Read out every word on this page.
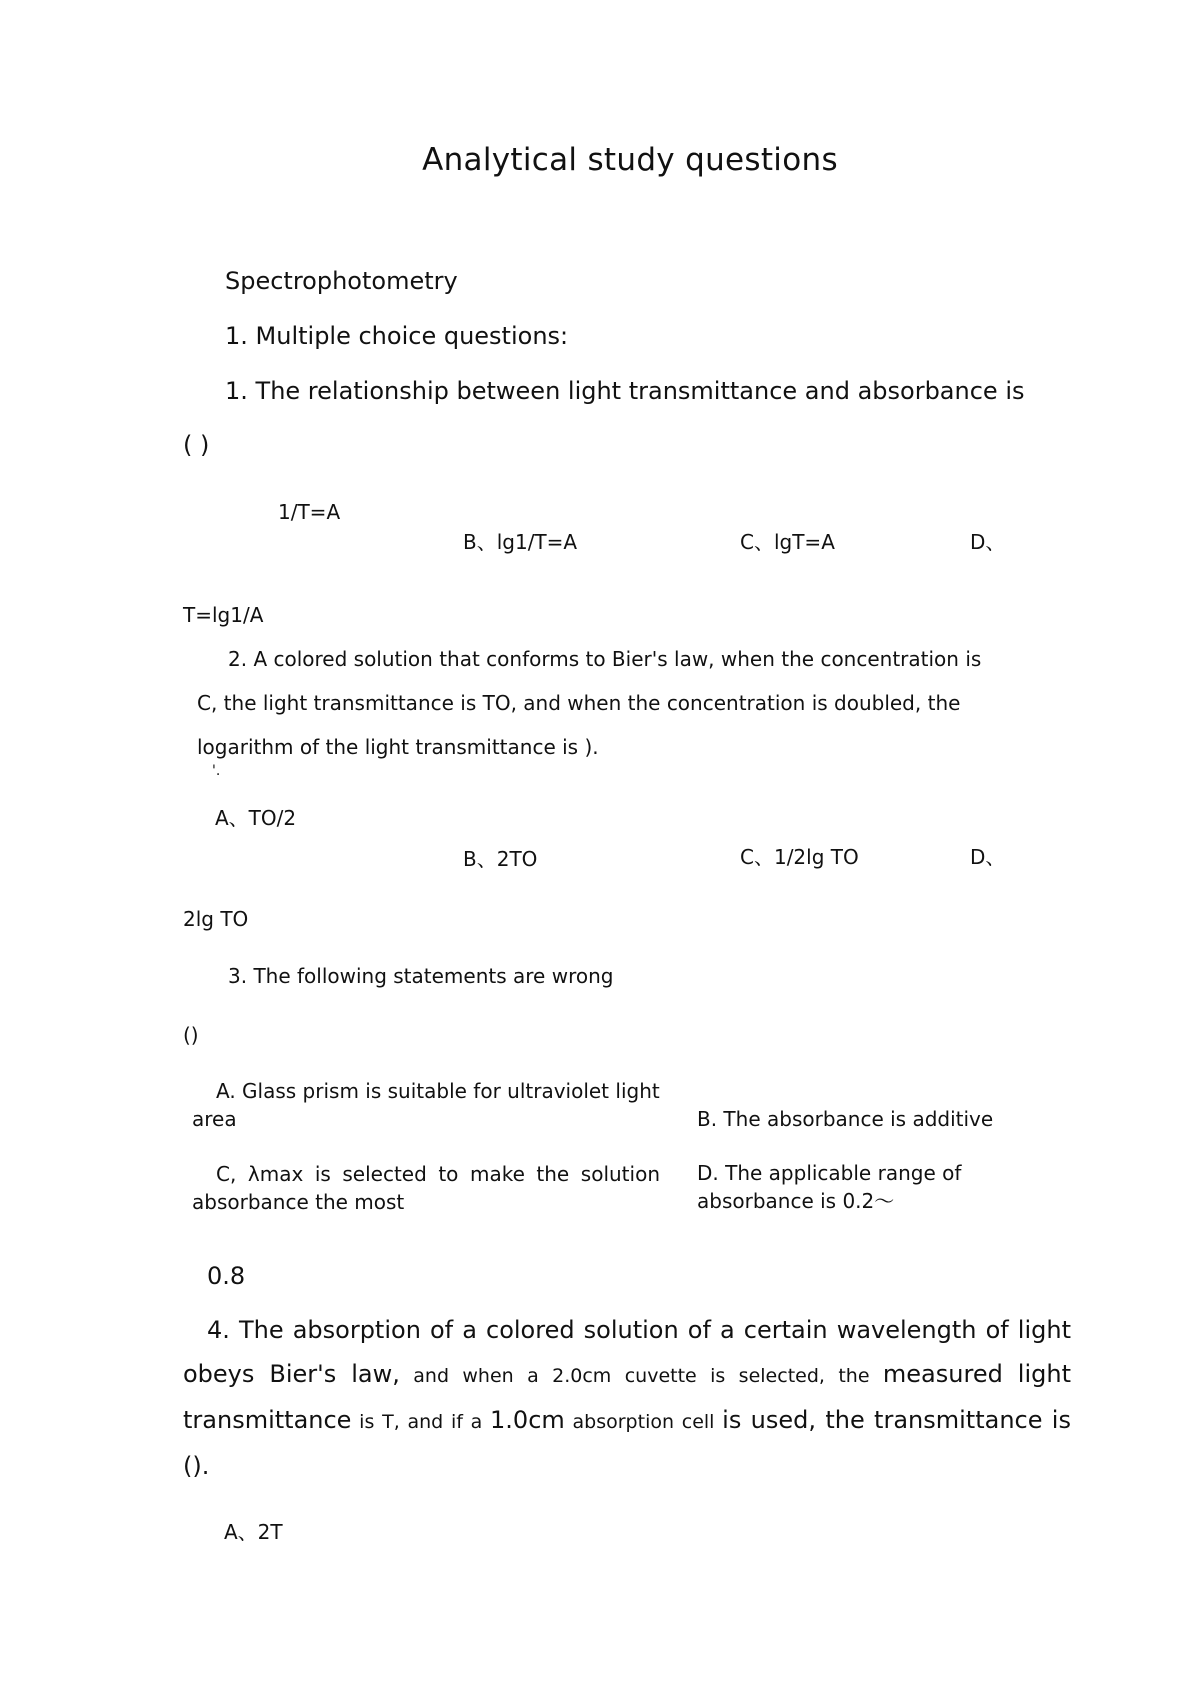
Analytical study questions
Spectrophotometry
1. Multiple choice questions:
1. The relationship between light transmittance and absorbance is
( )
1/T=A
B、lg1/T=A	C、lgT=A	D、
T=lg1/A
2. A colored solution that conforms to Bier's law, when the concentration is
C, the light transmittance is TO, and when the concentration is doubled, the
logarithm of the light transmittance is ).
'.
A、TO/2
B、2TO	C、1/2lg TO	D、
2lg TO
3. The following statements are wrong
()
A. Glass prism is suitable for ultraviolet light area	B. The absorbance is additive
C, λmax is selected to make the solution absorbance the most
D. The applicable range of absorbance is 0.2～
0.8
4. The absorption of a colored solution of a certain wavelength of light obeys Bier's law, and when a 2.0cm cuvette is selected, the measured light transmittance is T, and if a 1.0cm absorption cell is used, the transmittance is ().
A、2T
